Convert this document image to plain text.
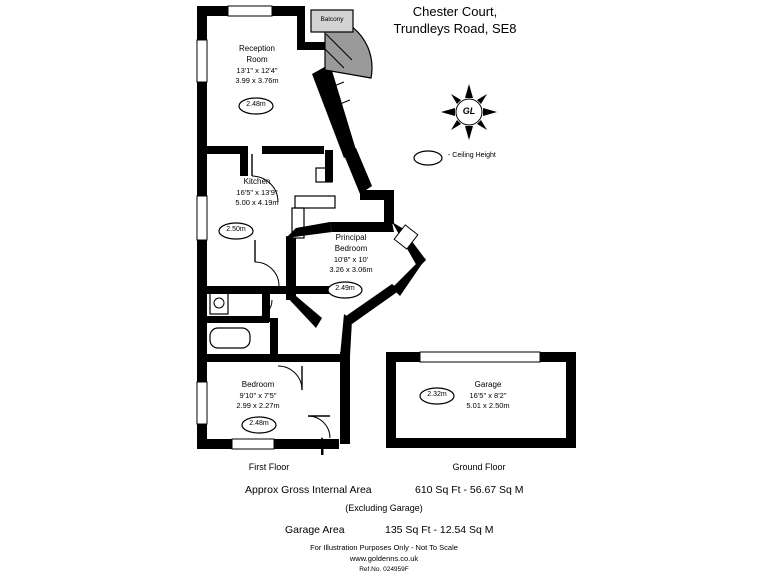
Chester Court,
Trundleys Road, SE8
GL
- Ceiling Height
Balcony
Reception
Room
13'1" x 12'4"
3.99 x 3.76m
2.48m
Kitchen
16'5" x 13'9"
5.00 x 4.19m
2.50m
Principal
Bedroom
10'8" x 10'
3.26 x 3.06m
2.49m
Bedroom
9'10" x 7'5"
2.99 x 2.27m
2.48m
Garage
16'5" x 8'2"
5.01 x 2.50m
2.32m
First Floor	Ground Floor
Approx Gross Internal Area	610 Sq Ft - 56.67 Sq M
(Excluding Garage)
Garage Area	135 Sq Ft - 12.54 Sq M
For Illustration Purposes Only - Not To Scale
www.goldenns.co.uk
Ref.No. 024959F
